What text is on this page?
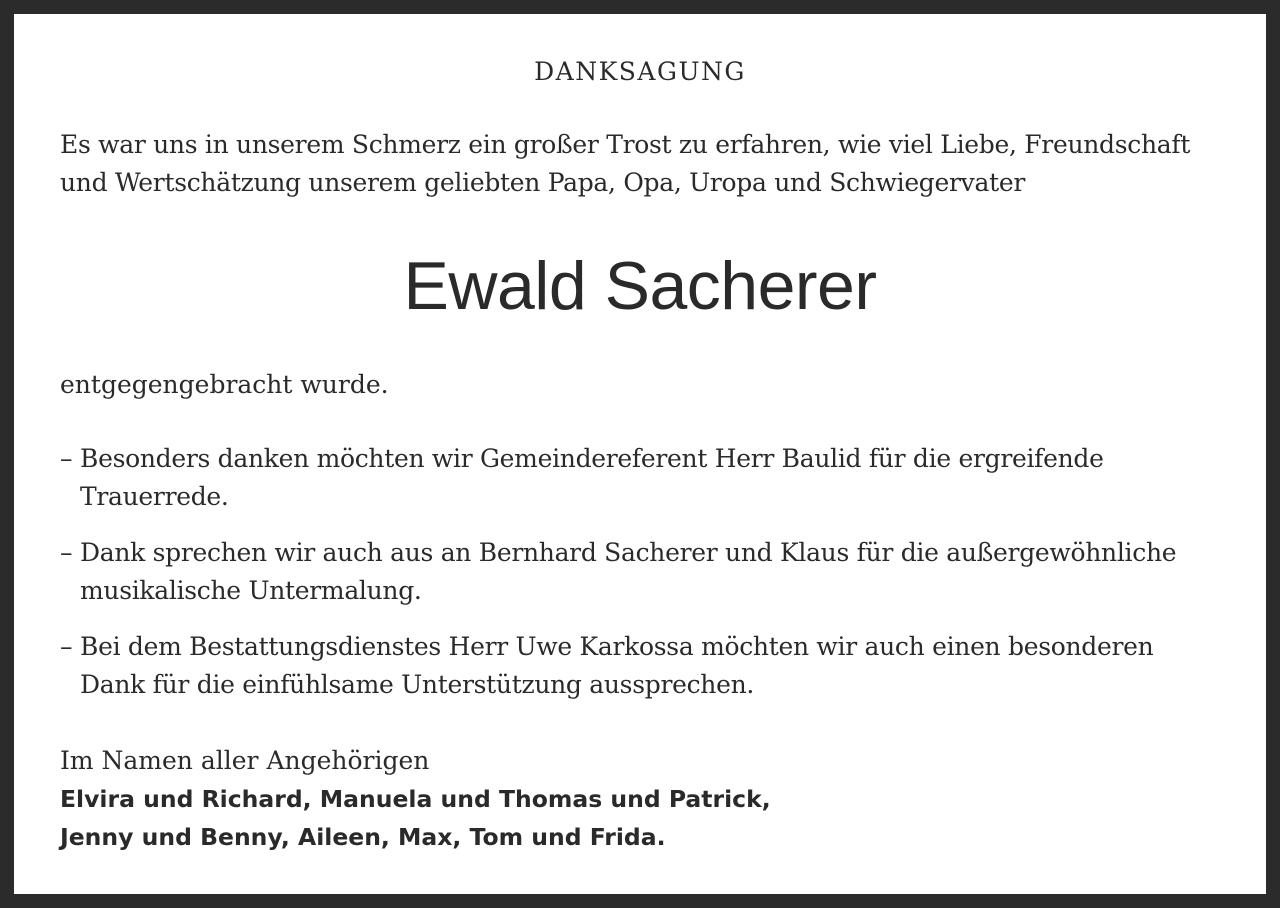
DANKSAGUNG
Es war uns in unserem Schmerz ein großer Trost zu erfahren, wie viel Liebe, Freundschaft
und Wertschätzung unserem geliebten Papa, Opa, Uropa und Schwiegervater
Ewald Sacherer
entgegengebracht wurde.
– Besonders danken möchten wir Gemeindereferent Herr Baulid für die ergreifende
Trauerrede.
– Dank sprechen wir auch aus an Bernhard Sacherer und Klaus für die außergewöhnliche
musikalische Untermalung.
– Bei dem Bestattungsdienstes Herr Uwe Karkossa möchten wir auch einen besonderen
Dank für die einfühlsame Unterstützung aussprechen.
Im Namen aller Angehörigen
Elvira und Richard, Manuela und Thomas und Patrick,
Jenny und Benny, Aileen, Max, Tom und Frida.
